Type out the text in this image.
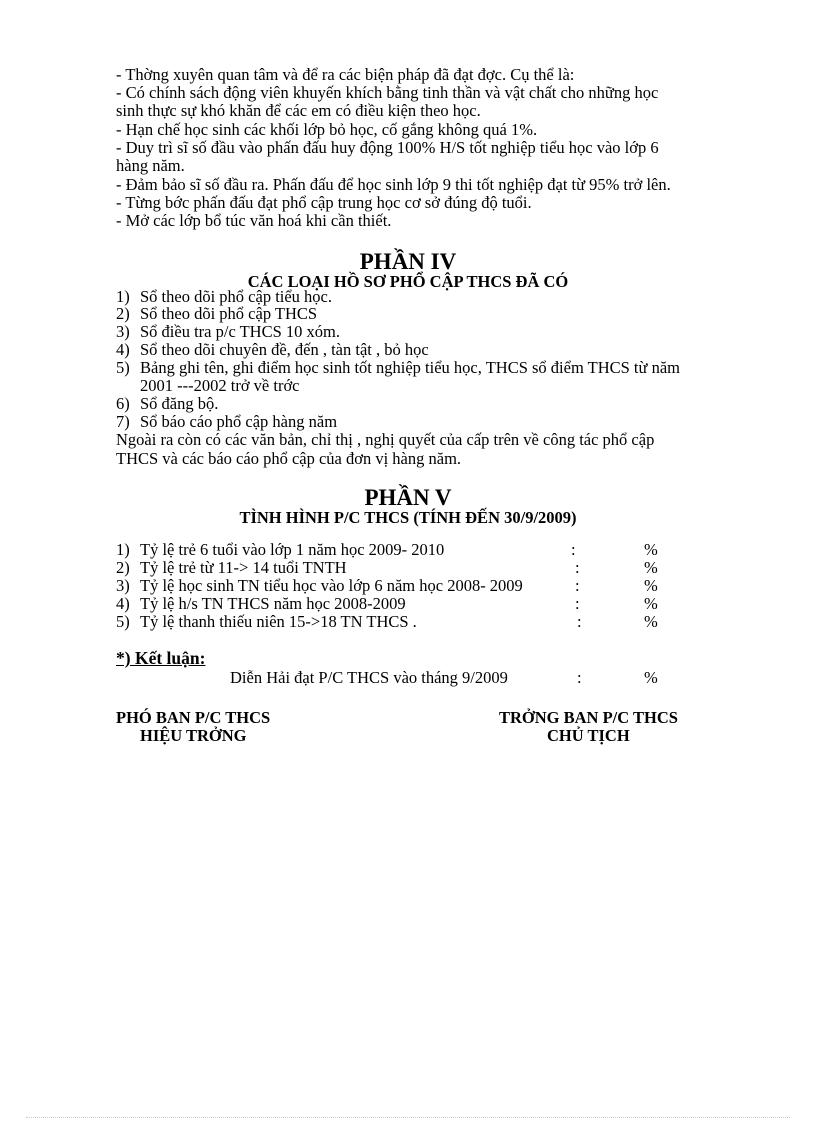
- Thờng xuyên quan tâm và để ra các biện pháp đã đạt đợc. Cụ thể là:
- Có chính sách động viên khuyến khích bằng tinh thần và vật chất cho những học
sinh thực sự khó khăn để các em có điều kiện theo học.
- Hạn chế học sinh các khối lớp bỏ học, cố gắng không quá 1%.
- Duy trì sĩ số đầu vào phấn đấu huy động 100% H/S tốt nghiệp tiểu học vào lớp 6
hàng năm.
- Đảm bảo sĩ số đầu ra. Phấn đấu để học sinh lớp 9 thi tốt nghiệp đạt từ 95% trở lên.
- Từng bớc phấn đấu đạt phổ cập trung học cơ sở đúng độ tuổi.
- Mở các lớp bổ túc văn hoá khi cần thiết.
PHẦN IV
CÁC LOẠI HỒ SƠ PHỔ CẬP THCS ĐÃ CÓ
1) Sổ theo dõi phổ cập tiểu học.
2) Sổ theo dõi phổ cập THCS
3) Sổ điều tra p/c THCS 10 xóm.
4) Sổ theo dõi chuyên đề, đến , tàn tật , bỏ học
5) Bảng ghi tên, ghi điểm học sinh tốt nghiệp tiểu học, THCS sổ điểm THCS từ năm
2001 ---2002 trở về trớc
6) Sổ đăng bộ.
7) Sổ báo cáo phổ cập hàng năm
Ngoài ra còn có các văn bản, chỉ thị , nghị quyết của cấp trên về công tác phổ cập
THCS và các báo cáo phổ cập của đơn vị hàng năm.
PHẦN V
TÌNH HÌNH P/C THCS (TÍNH ĐẾN 30/9/2009)
1) Tỷ lệ trẻ 6 tuổi vào lớp 1 năm học 2009- 2010	:	%
2) Tỷ lệ trẻ từ 11-> 14 tuổi TNTH	:	%
3) Tỷ lệ học sinh TN tiểu học vào lớp 6 năm học 2008- 2009	:	%
4) Tỷ lệ h/s TN THCS năm học 2008-2009	:	%
5) Tỷ lệ thanh thiếu niên 15->18 TN THCS .	:	%
*) Kết luận:
Diễn Hải đạt P/C THCS vào tháng 9/2009	:	%
PHÓ BAN P/C THCS
HIỆU TRỞNG
TRỞNG BAN P/C THCS
CHỦ TỊCH
